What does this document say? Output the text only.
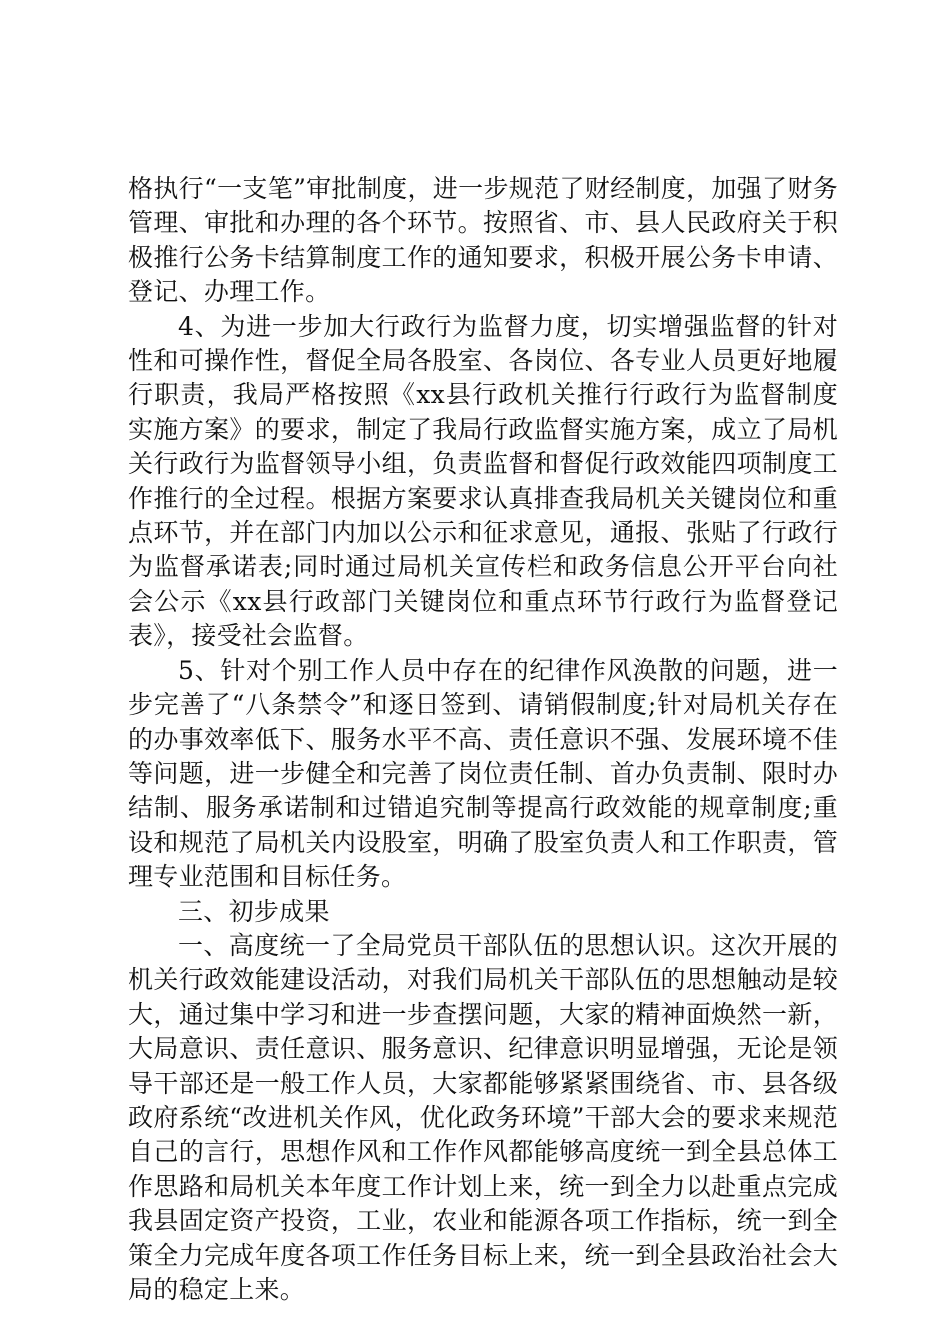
格执行“一支笔”审批制度，进一步规范了财经制度，加强了财务管理、审批和办理的各个环节。按照省、市、县人民政府关于积极推行公务卡结算制度工作的通知要求，积极开展公务卡申请、登记、办理工作。

4、为进一步加大行政行为监督力度，切实增强监督的针对性和可操作性，督促全局各股室、各岗位、各专业人员更好地履行职责，我局严格按照《xx县行政机关推行行政行为监督制度实施方案》的要求，制定了我局行政监督实施方案，成立了局机关行政行为监督领导小组，负责监督和督促行政效能四项制度工作推行的全过程。根据方案要求认真排查我局机关关键岗位和重点环节，并在部门内加以公示和征求意见，通报、张贴了行政行为监督承诺表;同时通过局机关宣传栏和政务信息公开平台向社会公示《xx县行政部门关键岗位和重点环节行政行为监督登记表》，接受社会监督。

5、针对个别工作人员中存在的纪律作风涣散的问题，进一步完善了“八条禁令”和逐日签到、请销假制度;针对局机关存在的办事效率低下、服务水平不高、责任意识不强、发展环境不佳等问题，进一步健全和完善了岗位责任制、首办负责制、限时办结制、服务承诺制和过错追究制等提高行政效能的规章制度;重设和规范了局机关内设股室，明确了股室负责人和工作职责，管理专业范围和目标任务。

三、初步成果

一、高度统一了全局党员干部队伍的思想认识。这次开展的机关行政效能建设活动，对我们局机关干部队伍的思想触动是较大，通过集中学习和进一步查摆问题，大家的精神面焕然一新，大局意识、责任意识、服务意识、纪律意识明显增强，无论是领导干部还是一般工作人员，大家都能够紧紧围绕省、市、县各级政府系统“改进机关作风，优化政务环境”干部大会的要求来规范自己的言行，思想作风和工作作风都能够高度统一到全县总体工作思路和局机关本年度工作计划上来，统一到全力以赴重点完成我县固定资产投资，工业，农业和能源各项工作指标，统一到全策全力完成年度各项工作任务目标上来，统一到全县政治社会大局的稳定上来。
